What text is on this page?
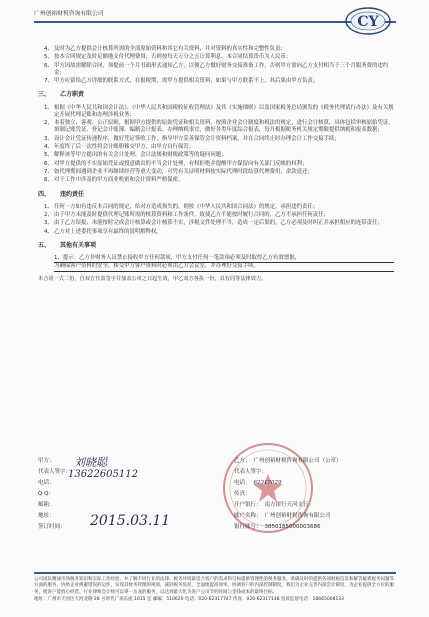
广州创裕财税咨询有限公司	CY
4、 及时为乙方提供会计核算所需的全部原始资料和其它有关资料，并对资料的真实性和完整性负责；
5、 按本合同规定及时足额地支付代理费用，否则按每天万分之五计算利息，本合同结算货币为人民币；
6、 甲方因故需解除合同，须提前一个月书面形式通知乙方，以便乙方做好财务交接准备工作，否则甲方需向乙方支付相当于三个月服务费的违约金；
7、 甲方应留给乙方详细的联系方式，在报税期，需甲方提供相关资料，如果与甲方联系不上，其后果由甲方负责。
三、 乙方职责
1、 根据《中华人民共和国会计法》、《中华人民共和国税收征收管理法》及其《实施细则》以及国家税务总局颁发的《税务代理试行办法》及有关规定开展代理记账和办理涉税业务；
2、 本着独立、客观、公正原则，根据甲方提供的原始凭证和相关资料，按照企业会计制度和税法的规定，进行会计核算，具体包括审核原始凭证、填制记账凭证、登记会计账簿、编制会计报表、办理纳税事宜，做好各类年度综合报表，每月根据税务机关规定期限提供纳税和报表数据；
3、 设计会计凭证传递程序，做好凭证签收工作，指导甲方妥善保管会计资料档案，并在合同终止时办理会计工作交接手续；
4、 年度终了后一次性将会计账册移交甲方，由甲方自行保管；
5、 解释该等甲方提出的有关会计处理、会计法规和财税政策等的疑问问题；
6、 对甲方提供的不实原始凭证或授意做出的不当会计处理，有权拒绝并提醒甲方保留向有关部门反映的权利；
7、 如代理期间遇到企业不再继续经营等重大变动，可凭有关证明材料按实际代理时段结算代理费用，余款退还；
8、 对于工作中涉及的甲方商业机密和会计资料严格保密。
四、 违约责任
1、 任何一方如有违反本合同的规定，给对方造成损失的，则按《中华人民共和国合同法》的规定，承担违约责任；
2、 由于甲方未能及时提供代理记账所需的核算资料和工作条件，致使乙方不能按时履行合同的，乙方不承担任何责任；
3、 由于乙方误报、未能按时完成会计核算或会计核算不实，涉税文件处理不当，造成一定后果的，乙方必须及时纠正并承担相应的连带责任；
4、 乙方对上述委托事项享有最终的说明解释权。
五、 其他有关事项
1、提示：乙方非财务人员禁止接收甲方任何款项，甲方支付任何一笔款项必须及时取得乙方有效票据，
为确保客户资料的安全，移交甲方客户资料时必须由乙方会议室，并办理好交接手续。
本合同一式二份，自双方代表签字并加盖公章之日起生效，甲乙双方各执一份，具有同等法律效力。
甲方：
代表人签字：
电话：
Q Q：
邮箱：
地址：
签订时间：
刘晓聪
13622605112
2015.03.11
乙方： 广州创裕财税咨询有限公司（公章）
代表人签字：
电话： 62317029
传真：
开户银行： 南方银行天河支行
账户名称： 广州创裕财税咨询有限公司
银行账号： 3850185000003686
公司团队精通市场税务知识和实际工作经验，并了解不同行业的法律、税务环境最适合客户的需求和目标提供管理性的税务服务。准确及时的提供各项财税信息和解答疑难税务问题等方面的服务，协助企业规避错误的运作、实现其财务管理的规划，减轻税务负担，全面地提高效率、协调客户的内部控制制度，我们为企业完善内部会计制度，为企业提供全方位的服务，使客户能放心经营。行业律师会计师可以零一岳龙的服务，以达到最大化为客户公司节约时间与金钱成本的最终目标。
地址：广州市天河区天河北路 28 号时代广场东座 1015 室 邮编：510620 电话：020-62317747 传真：020-62317148 投诉监督电话：18665008133
